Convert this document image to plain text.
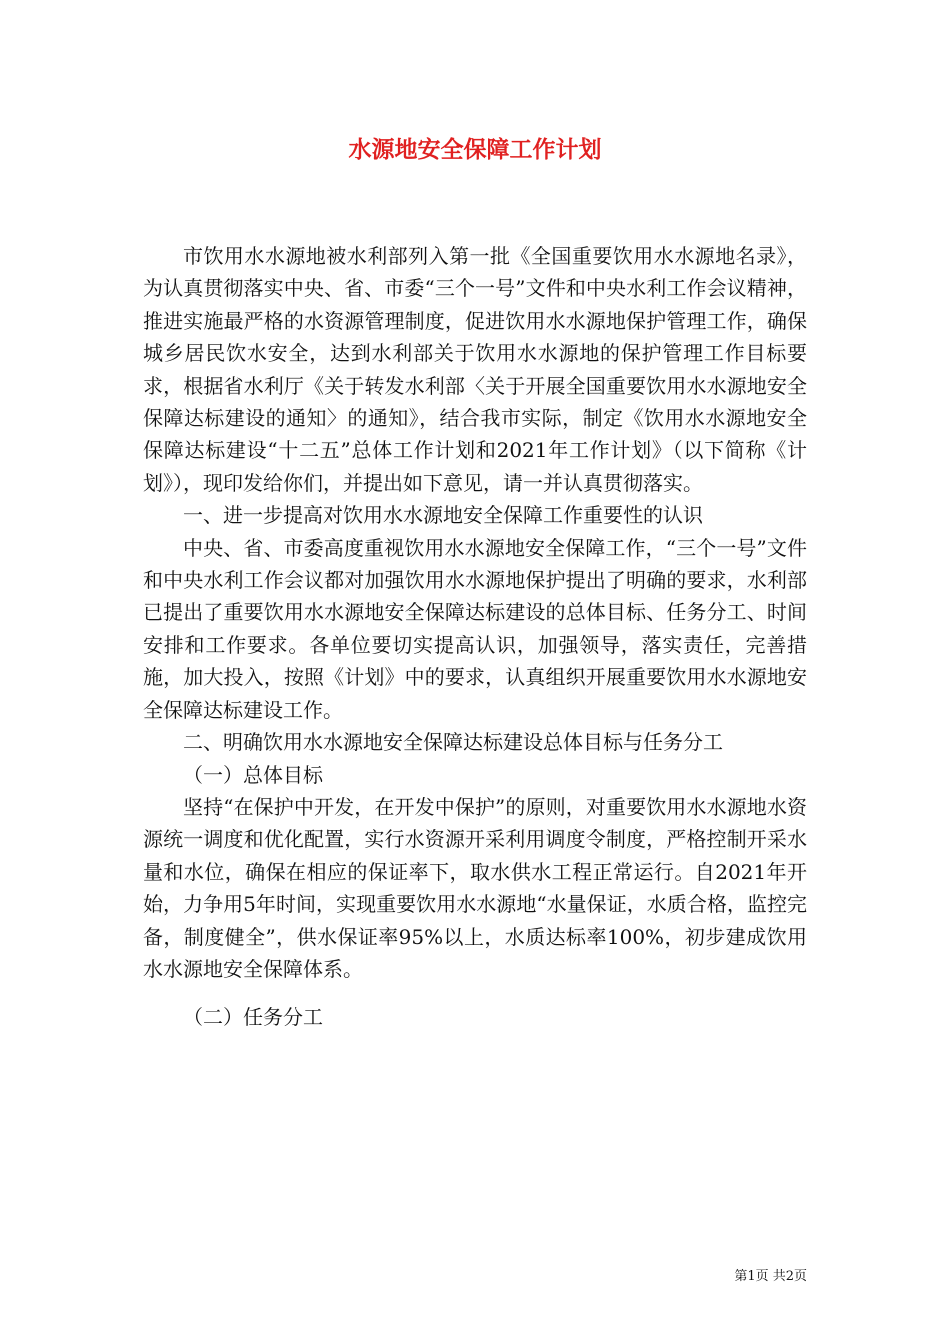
水源地安全保障工作计划

市饮用水水源地被水利部列入第一批《全国重要饮用水水源地名录》，为认真贯彻落实中央、省、市委“三个一号”文件和中央水利工作会议精神，推进实施最严格的水资源管理制度，促进饮用水水源地保护管理工作，确保城乡居民饮水安全，达到水利部关于饮用水水源地的保护管理工作目标要求，根据省水利厅《关于转发水利部〈关于开展全国重要饮用水水源地安全保障达标建设的通知〉的通知》，结合我市实际，制定《饮用水水源地安全保障达标建设“十二五”总体工作计划和2021年工作计划》（以下简称《计划》），现印发给你们，并提出如下意见，请一并认真贯彻落实。

一、进一步提高对饮用水水源地安全保障工作重要性的认识

中央、省、市委高度重视饮用水水源地安全保障工作，“三个一号”文件和中央水利工作会议都对加强饮用水水源地保护提出了明确的要求，水利部已提出了重要饮用水水源地安全保障达标建设的总体目标、任务分工、时间安排和工作要求。各单位要切实提高认识，加强领导，落实责任，完善措施，加大投入，按照《计划》中的要求，认真组织开展重要饮用水水源地安全保障达标建设工作。

二、明确饮用水水源地安全保障达标建设总体目标与任务分工

（一）总体目标

坚持“在保护中开发，在开发中保护”的原则，对重要饮用水水源地水资源统一调度和优化配置，实行水资源开采利用调度令制度，严格控制开采水量和水位，确保在相应的保证率下，取水供水工程正常运行。自2021年开始，力争用5年时间，实现重要饮用水水源地“水量保证，水质合格，监控完备，制度健全”，供水保证率95%以上，水质达标率100%，初步建成饮用水水源地安全保障体系。

（二）任务分工

第1页 共2页
